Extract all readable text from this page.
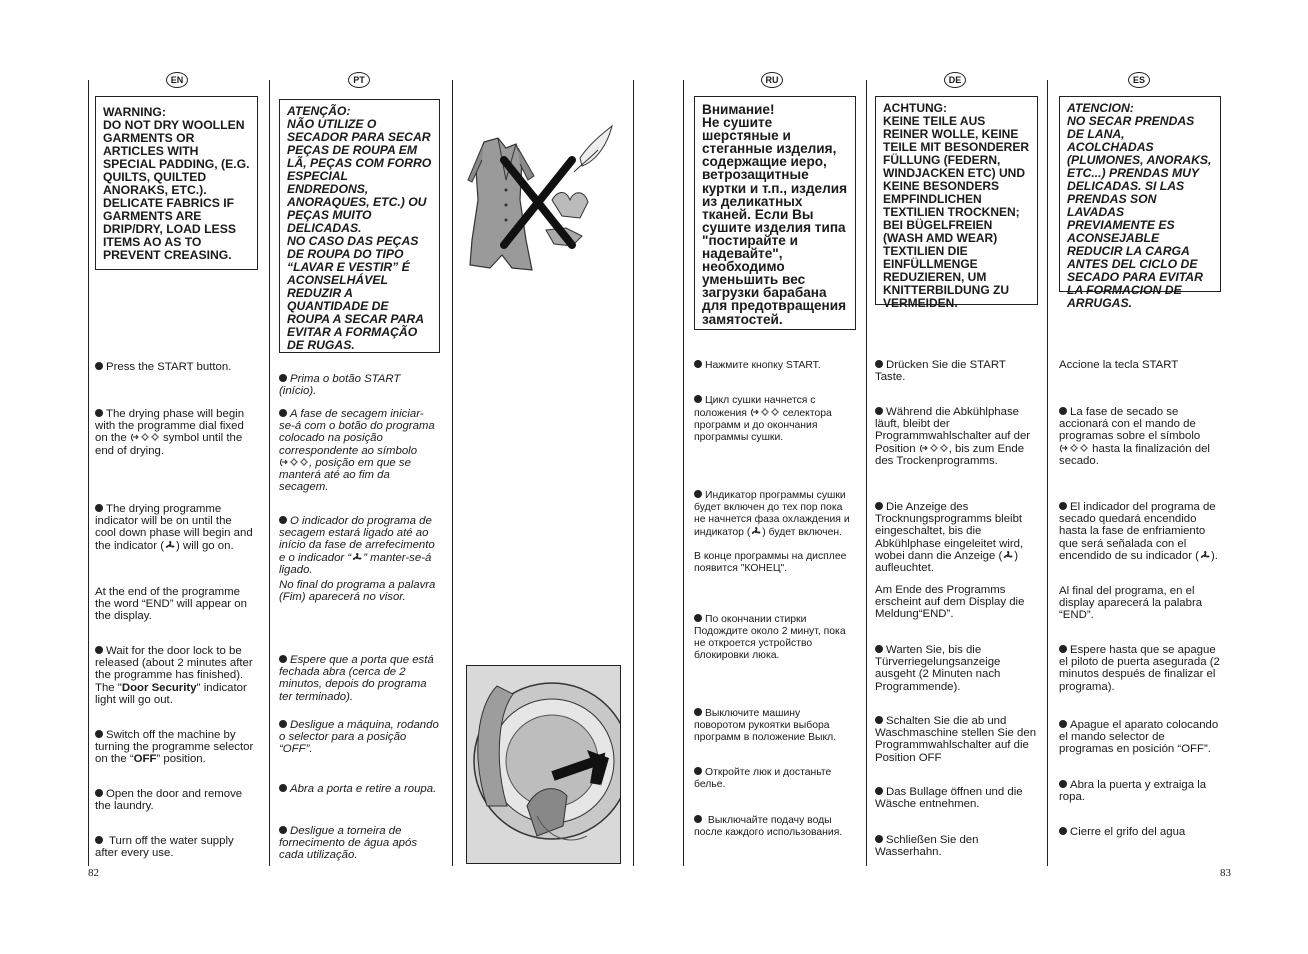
EN	PT	RU	DE	ES
WARNING:
DO NOT DRY WOOLLEN GARMENTS OR ARTICLES WITH SPECIAL PADDING, (E.G. QUILTS, QUILTED ANORAKS, ETC.). DELICATE FABRICS IF GARMENTS ARE DRIP/DRY, LOAD LESS ITEMS AO AS TO PREVENT CREASING.

Press the START button.

The drying phase will begin with the programme dial fixed on the	symbol until the end of drying.

The drying programme indicator will be on until the cool down phase will begin and the indicator ( ) will go on.

At the end of the programme the word “END” will appear on the display.

Wait for the door lock to be released (about 2 minutes after the programme has finished). The "Door Security" indicator light will go out.

Switch off the machine by turning the programme selector on the “OFF” position.

Open the door and remove the laundry.

Turn off the water supply after every use.

ATENÇÃO:
NÃO UTILIZE O SECADOR PARA SECAR PEÇAS DE ROUPA EM LÃ, PEÇAS COM FORRO ESPECIAL ENDREDONS, ANORAQUES, ETC.) OU PEÇAS MUITO DELICADAS.
NO CASO DAS PEÇAS DE ROUPA DO TIPO “LAVAR E VESTIR” É ACONSELHÁVEL REDUZIR A QUANTIDADE DE ROUPA A SECAR PARA EVITAR A FORMAÇÃO DE RUGAS.

Prima o botão START (início).

A fase de secagem iniciar-se-á com o botão do programa colocado na posição correspondente ao símbolo , posição em que se manterá até ao fim da secagem.

O indicador do programa de secagem estará ligado até ao início da fase de arrefecimento e o indicador “ ” manter-se-á ligado.

No final do programa a palavra (Fim) aparecerá no visor.

Espere que a porta que está fechada abra (cerca de 2 minutos, depois do programa ter terminado).

Desligue a máquina, rodando o selector para a posição “OFF”.

Abra a porta e retire a roupa.

Desligue a torneira de fornecimento de água após cada utilização.

Внимание!
Не сушите шерстяные и стеганные изделия, содержащие иеро, ветрозащитные куртки и т.п., изделия из деликатных тканей. Если Вы сушите изделия типа "постирайте и надевайте", необходимо уменьшить вес загрузки барабана для предотвращения замятостей.

Нажмите кнопку START.

Цикл сушки начнется с положения	селектора программ и до окончания программы сушки.

Индикатор программы сушки будет включен до тех пор пока не начнется фаза охлаждения и индикатор ( ) будет включен.

В конце программы на дисплее появится "КОНЕЦ".

По окончании стирки Подождите около 2 минут, пока не откроется устройство блокировки люка.

Выключите машину поворотом рукоятки выбора программ в положение Выкл.

Откройте люк и достаньте белье.

Выключайте подачу воды после каждого использования.

ACHTUNG:
KEINE TEILE AUS REINER WOLLE, KEINE TEILE MIT BESONDERER FÜLLUNG (FEDERN, WINDJACKEN ETC) UND KEINE BESONDERS EMPFINDLICHEN TEXTILIEN TROCKNEN; BEI BÜGELFREIEN (WASH AMD WEAR) TEXTILIEN DIE EINFÜLLMENGE REDUZIEREN, UM KNITTERBILDUNG ZU VERMEIDEN.

Drücken Sie die START Taste.

Während die Abkühlphase läuft, bleibt der Programmwahlschalter auf der Position	, bis zum Ende des Trockenprogramms.

Die Anzeige des Trocknungsprogramms bleibt eingeschaltet, bis die Abkühlphase eingeleitet wird, wobei dann die Anzeige ( ) aufleuchtet.

Am Ende des Programms erscheint auf dem Display die Meldung“END”.

Warten Sie, bis die Türverriegelungsanzeige ausgeht (2 Minuten nach Programmende).

Schalten Sie die ab und Waschmaschine stellen Sie den Programmwahlschalter auf die Position OFF

Das Bullage öffnen und die Wäsche entnehmen.

Schließen Sie den Wasserhahn.

ATENCION:
NO SECAR PRENDAS DE LANA, ACOLCHADAS (PLUMONES, ANORAKS, ETC...) PRENDAS MUY DELICADAS. SI LAS PRENDAS SON LAVADAS PREVIAMENTE ES ACONSEJABLE REDUCIR LA CARGA ANTES DEL CICLO DE SECADO PARA EVITAR LA FORMACION DE ARRUGAS.

Accione la tecla START

La fase de secado se accionará con el mando de programas sobre el símbolo  hasta la finalización del secado.

El indicador del programa de secado quedará encendido hasta la fase de enfriamiento que será señalada con el encendido de su indicador ( ).

Al final del programa, en el display aparecerá la palabra “END”.

Espere hasta que se apague el piloto de puerta asegurada (2 minutos después de finalizar el programa).

Apague el aparato colocando el mando selector de programas en posición “OFF”.

Abra la puerta y extraiga la ropa.

Cierre el grifo del agua

82	83
